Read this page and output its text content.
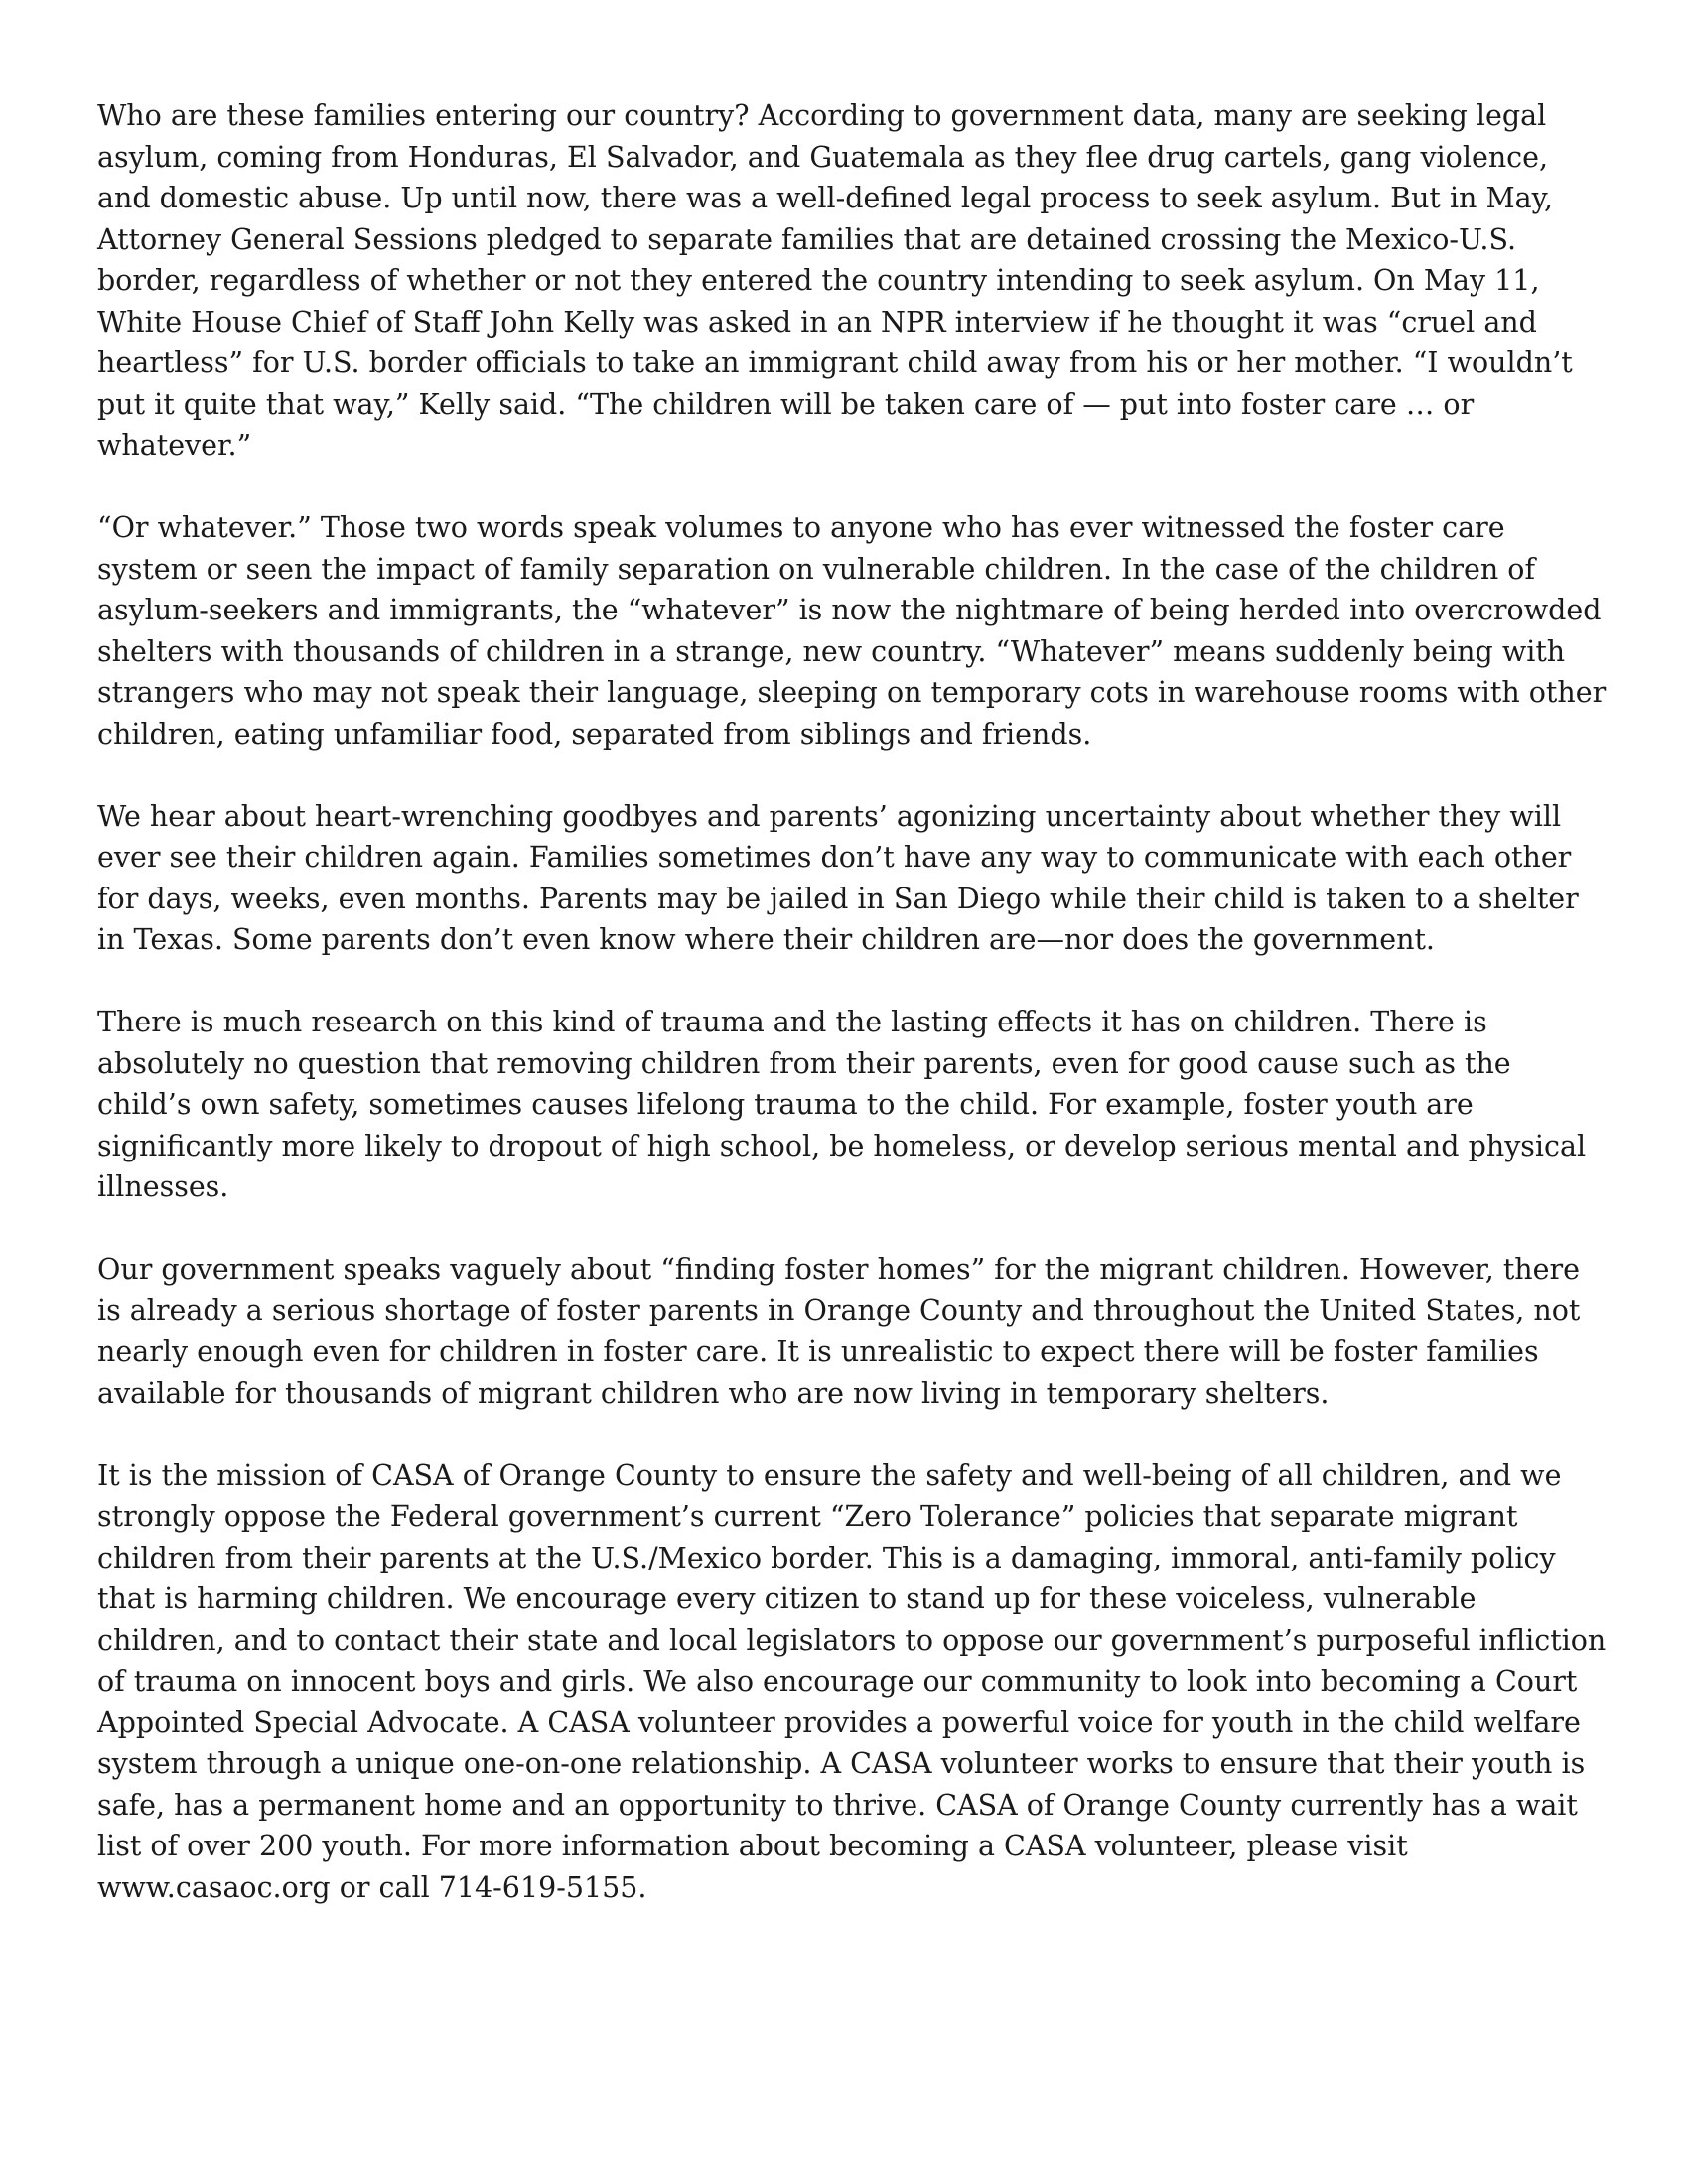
Who are these families entering our country? According to government data, many are seeking legal asylum, coming from Honduras, El Salvador, and Guatemala as they flee drug cartels, gang violence, and domestic abuse. Up until now, there was a well-defined legal process to seek asylum. But in May, Attorney General Sessions pledged to separate families that are detained crossing the Mexico-U.S. border, regardless of whether or not they entered the country intending to seek asylum. On May 11, White House Chief of Staff John Kelly was asked in an NPR interview if he thought it was “cruel and heartless” for U.S. border officials to take an immigrant child away from his or her mother. “I wouldn’t put it quite that way,” Kelly said. “The children will be taken care of — put into foster care … or whatever.”

“Or whatever.” Those two words speak volumes to anyone who has ever witnessed the foster care system or seen the impact of family separation on vulnerable children. In the case of the children of asylum-seekers and immigrants, the “whatever” is now the nightmare of being herded into overcrowded shelters with thousands of children in a strange, new country. “Whatever” means suddenly being with strangers who may not speak their language, sleeping on temporary cots in warehouse rooms with other children, eating unfamiliar food, separated from siblings and friends.

We hear about heart-wrenching goodbyes and parents’ agonizing uncertainty about whether they will ever see their children again. Families sometimes don’t have any way to communicate with each other for days, weeks, even months. Parents may be jailed in San Diego while their child is taken to a shelter in Texas. Some parents don’t even know where their children are—nor does the government.

There is much research on this kind of trauma and the lasting effects it has on children. There is absolutely no question that removing children from their parents, even for good cause such as the child’s own safety, sometimes causes lifelong trauma to the child. For example, foster youth are significantly more likely to dropout of high school, be homeless, or develop serious mental and physical illnesses.

Our government speaks vaguely about “finding foster homes” for the migrant children. However, there is already a serious shortage of foster parents in Orange County and throughout the United States, not nearly enough even for children in foster care. It is unrealistic to expect there will be foster families available for thousands of migrant children who are now living in temporary shelters.

It is the mission of CASA of Orange County to ensure the safety and well-being of all children, and we strongly oppose the Federal government’s current “Zero Tolerance” policies that separate migrant children from their parents at the U.S./Mexico border. This is a damaging, immoral, anti-family policy that is harming children. We encourage every citizen to stand up for these voiceless, vulnerable children, and to contact their state and local legislators to oppose our government’s purposeful infliction of trauma on innocent boys and girls. We also encourage our community to look into becoming a Court Appointed Special Advocate. A CASA volunteer provides a powerful voice for youth in the child welfare system through a unique one-on-one relationship. A CASA volunteer works to ensure that their youth is safe, has a permanent home and an opportunity to thrive. CASA of Orange County currently has a wait list of over 200 youth. For more information about becoming a CASA volunteer, please visit www.casaoc.org or call 714-619-5155.
